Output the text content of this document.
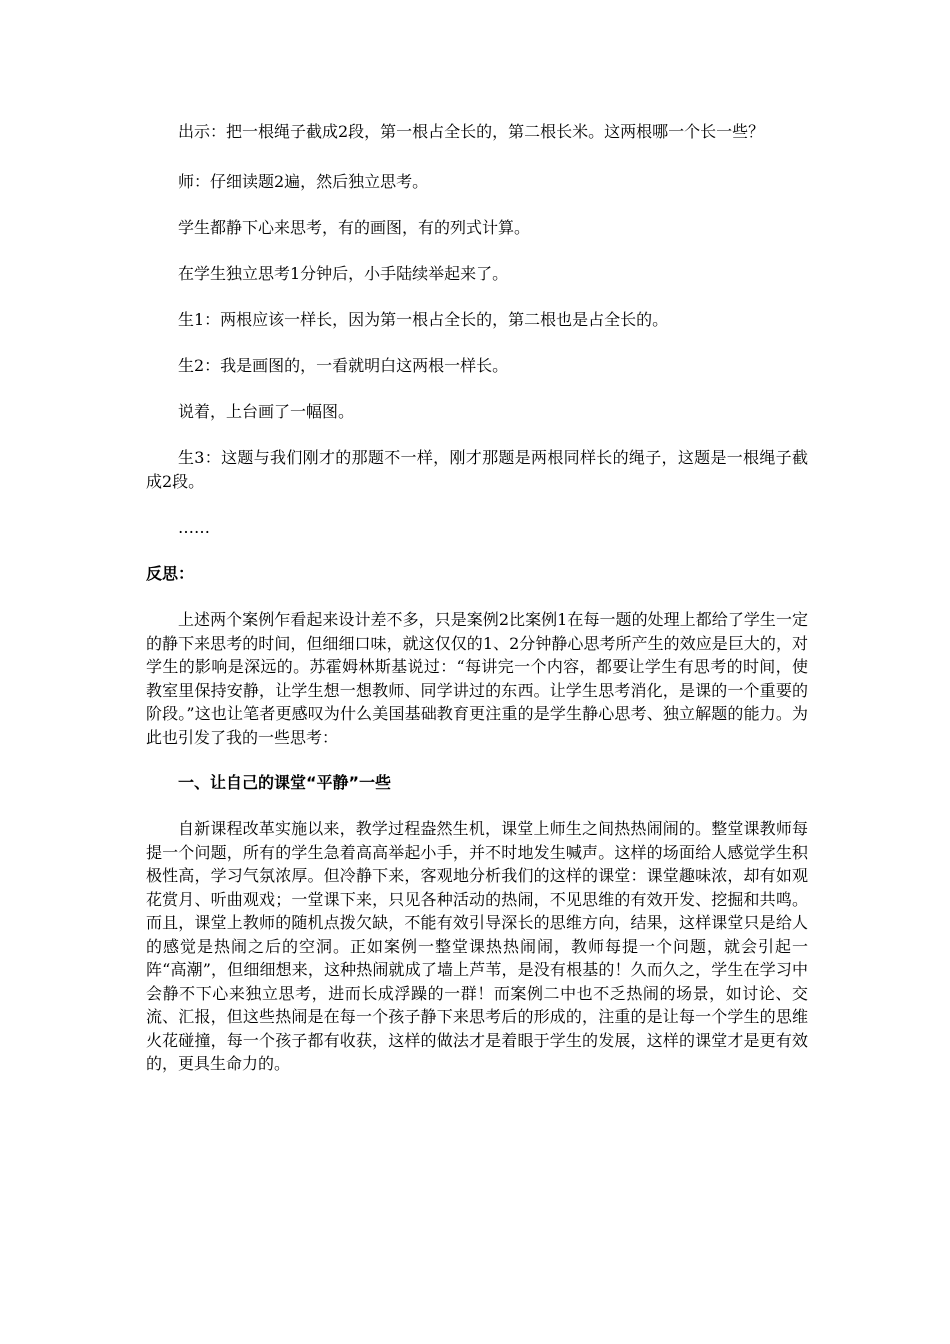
出示：把一根绳子截成2段，第一根占全长的，第二根长米。这两根哪一个长一些？

师：仔细读题2遍，然后独立思考。

学生都静下心来思考，有的画图，有的列式计算。

在学生独立思考1分钟后，小手陆续举起来了。

生1：两根应该一样长，因为第一根占全长的，第二根也是占全长的。

生2：我是画图的，一看就明白这两根一样长。

说着，上台画了一幅图。

生3：这题与我们刚才的那题不一样，刚才那题是两根同样长的绳子，这题是一根绳子截成2段。

……

反思：

上述两个案例乍看起来设计差不多，只是案例2比案例1在每一题的处理上都给了学生一定的静下来思考的时间，但细细口味，就这仅仅的1、2分钟静心思考所产生的效应是巨大的，对学生的影响是深远的。苏霍姆林斯基说过：“每讲完一个内容，都要让学生有思考的时间，使教室里保持安静，让学生想一想教师、同学讲过的东西。让学生思考消化，是课的一个重要的阶段。”这也让笔者更感叹为什么美国基础教育更注重的是学生静心思考、独立解题的能力。为此也引发了我的一些思考：

一、让自己的课堂“平静”一些

自新课程改革实施以来，教学过程盎然生机，课堂上师生之间热热闹闹的。整堂课教师每提一个问题，所有的学生急着高高举起小手，并不时地发生喊声。这样的场面给人感觉学生积极性高，学习气氛浓厚。但冷静下来，客观地分析我们的这样的课堂：课堂趣味浓，却有如观花赏月、听曲观戏；一堂课下来，只见各种活动的热闹，不见思维的有效开发、挖掘和共鸣。而且，课堂上教师的随机点拨欠缺，不能有效引导深长的思维方向，结果，这样课堂只是给人的感觉是热闹之后的空洞。正如案例一整堂课热热闹闹，教师每提一个问题，就会引起一阵“高潮”，但细细想来，这种热闹就成了墙上芦苇，是没有根基的！久而久之，学生在学习中会静不下心来独立思考，进而长成浮躁的一群！而案例二中也不乏热闹的场景，如讨论、交流、汇报，但这些热闹是在每一个孩子静下来思考后的形成的，注重的是让每一个学生的思维火花碰撞，每一个孩子都有收获，这样的做法才是着眼于学生的发展，这样的课堂才是更有效的，更具生命力的。
